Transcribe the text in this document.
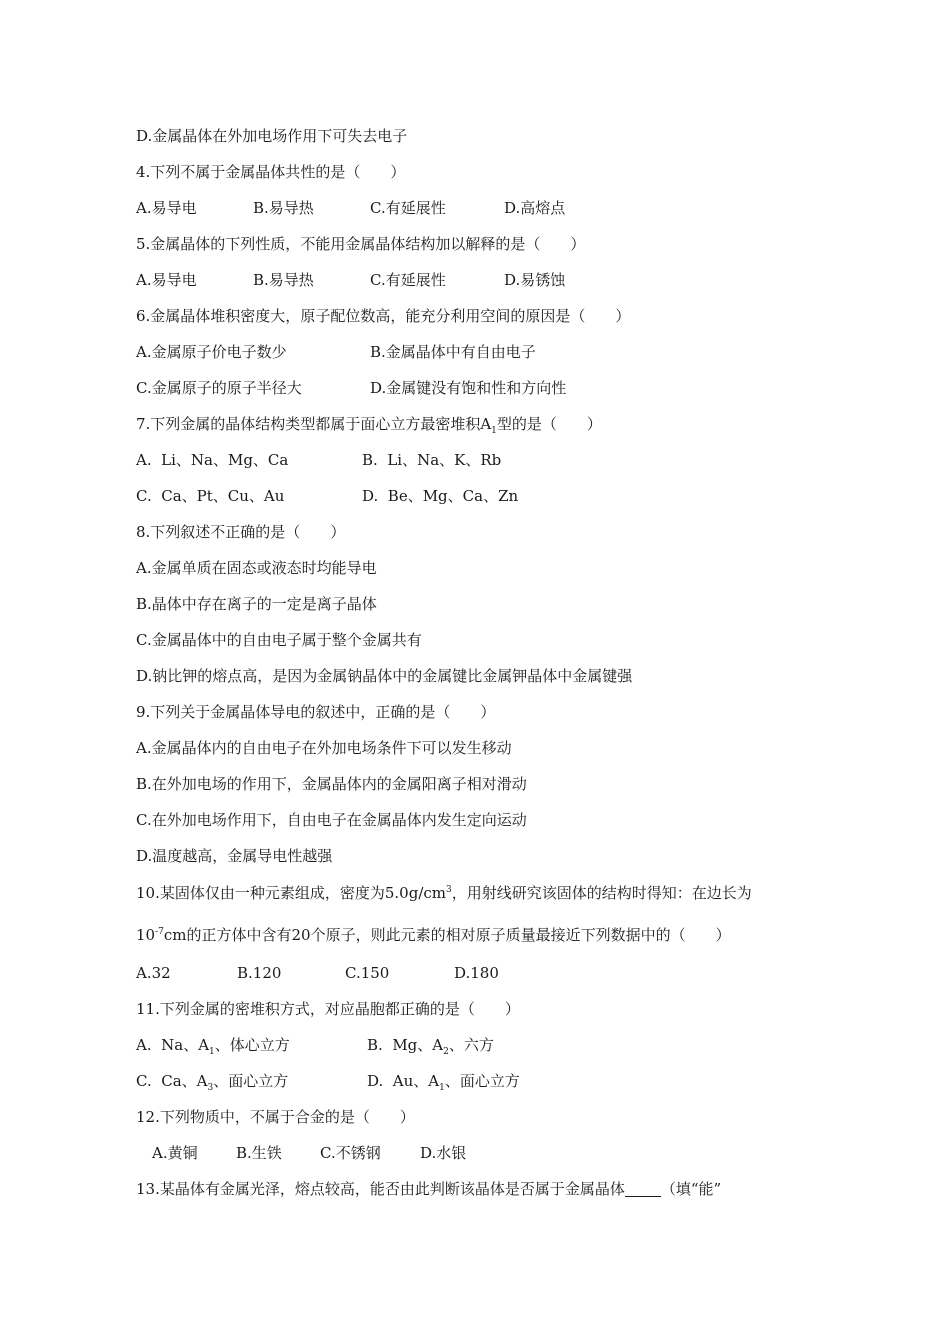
D.金属晶体在外加电场作用下可失去电子
4.下列不属于金属晶体共性的是（　　）
A.易导电	B.易导热	C.有延展性	D.高熔点
5.金属晶体的下列性质，不能用金属晶体结构加以解释的是（　　）
A.易导电	B.易导热	C.有延展性	D.易锈蚀
6.金属晶体堆积密度大，原子配位数高，能充分利用空间的原因是（　　）
A.金属原子价电子数少	B.金属晶体中有自由电子
C.金属原子的原子半径大	D.金属键没有饱和性和方向性
7.下列金属的晶体结构类型都属于面心立方最密堆积$A_1$型的是（　　）
A.  Li、Na、Mg、Ca	B.  Li、Na、K、Rb
C.  Ca、Pt、Cu、Au	D.  Be、Mg、Ca、Zn
8.下列叙述不正确的是（　　）
A.金属单质在固态或液态时均能导电
B.晶体中存在离子的一定是离子晶体
C.金属晶体中的自由电子属于整个金属共有
D.钠比钾的熔点高，是因为金属钠晶体中的金属键比金属钾晶体中金属键强
9.下列关于金属晶体导电的叙述中，正确的是（　　）
A.金属晶体内的自由电子在外加电场条件下可以发生移动
B.在外加电场的作用下，金属晶体内的金属阳离子相对滑动
C.在外加电场作用下，自由电子在金属晶体内发生定向运动
D.温度越高，金属导电性越强
10.某固体仅由一种元素组成，密度为$5.0g/cm^3$，用射线研究该固体的结构时得知：在边长为
$10^{-7}cm$的正方体中含有20个原子，则此元素的相对原子质量最接近下列数据中的（　　）
A.32	B.120	C.150	D.180
11.下列金属的密堆积方式，对应晶胞都正确的是（　　）
A.  Na、$A_1$、体心立方	B.  Mg、$A_2$、六方
C.  Ca、$A_3$、面心立方	D.  Au、$A_1$、面心立方
12.下列物质中，不属于合金的是（　　）
A.黄铜	B.生铁	C.不锈钢	D.水银
13.某晶体有金属光泽，熔点较高，能否由此判断该晶体是否属于金属晶体 （填“能”
